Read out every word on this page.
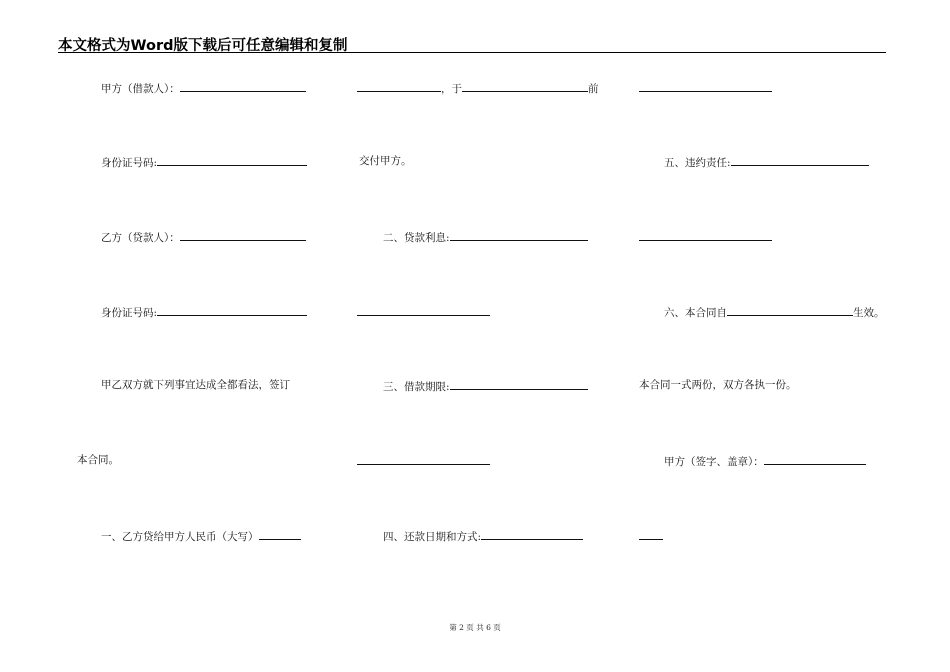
本文格式为Word版下载后可任意编辑和复制
甲方（借款人）：
身份证号码:
乙方（贷款人）：
身份证号码:
甲乙双方就下列事宜达成全都看法，签订
本合同。
一、乙方贷给甲方人民币（大写）
，于	前
交付甲方。
二、贷款利息:
三、借款期限:
四、还款日期和方式:
五、违约责任:
六、本合同自	生效。
本合同一式两份，双方各执一份。
甲方（签字、盖章）：
第 2 页 共 6 页
